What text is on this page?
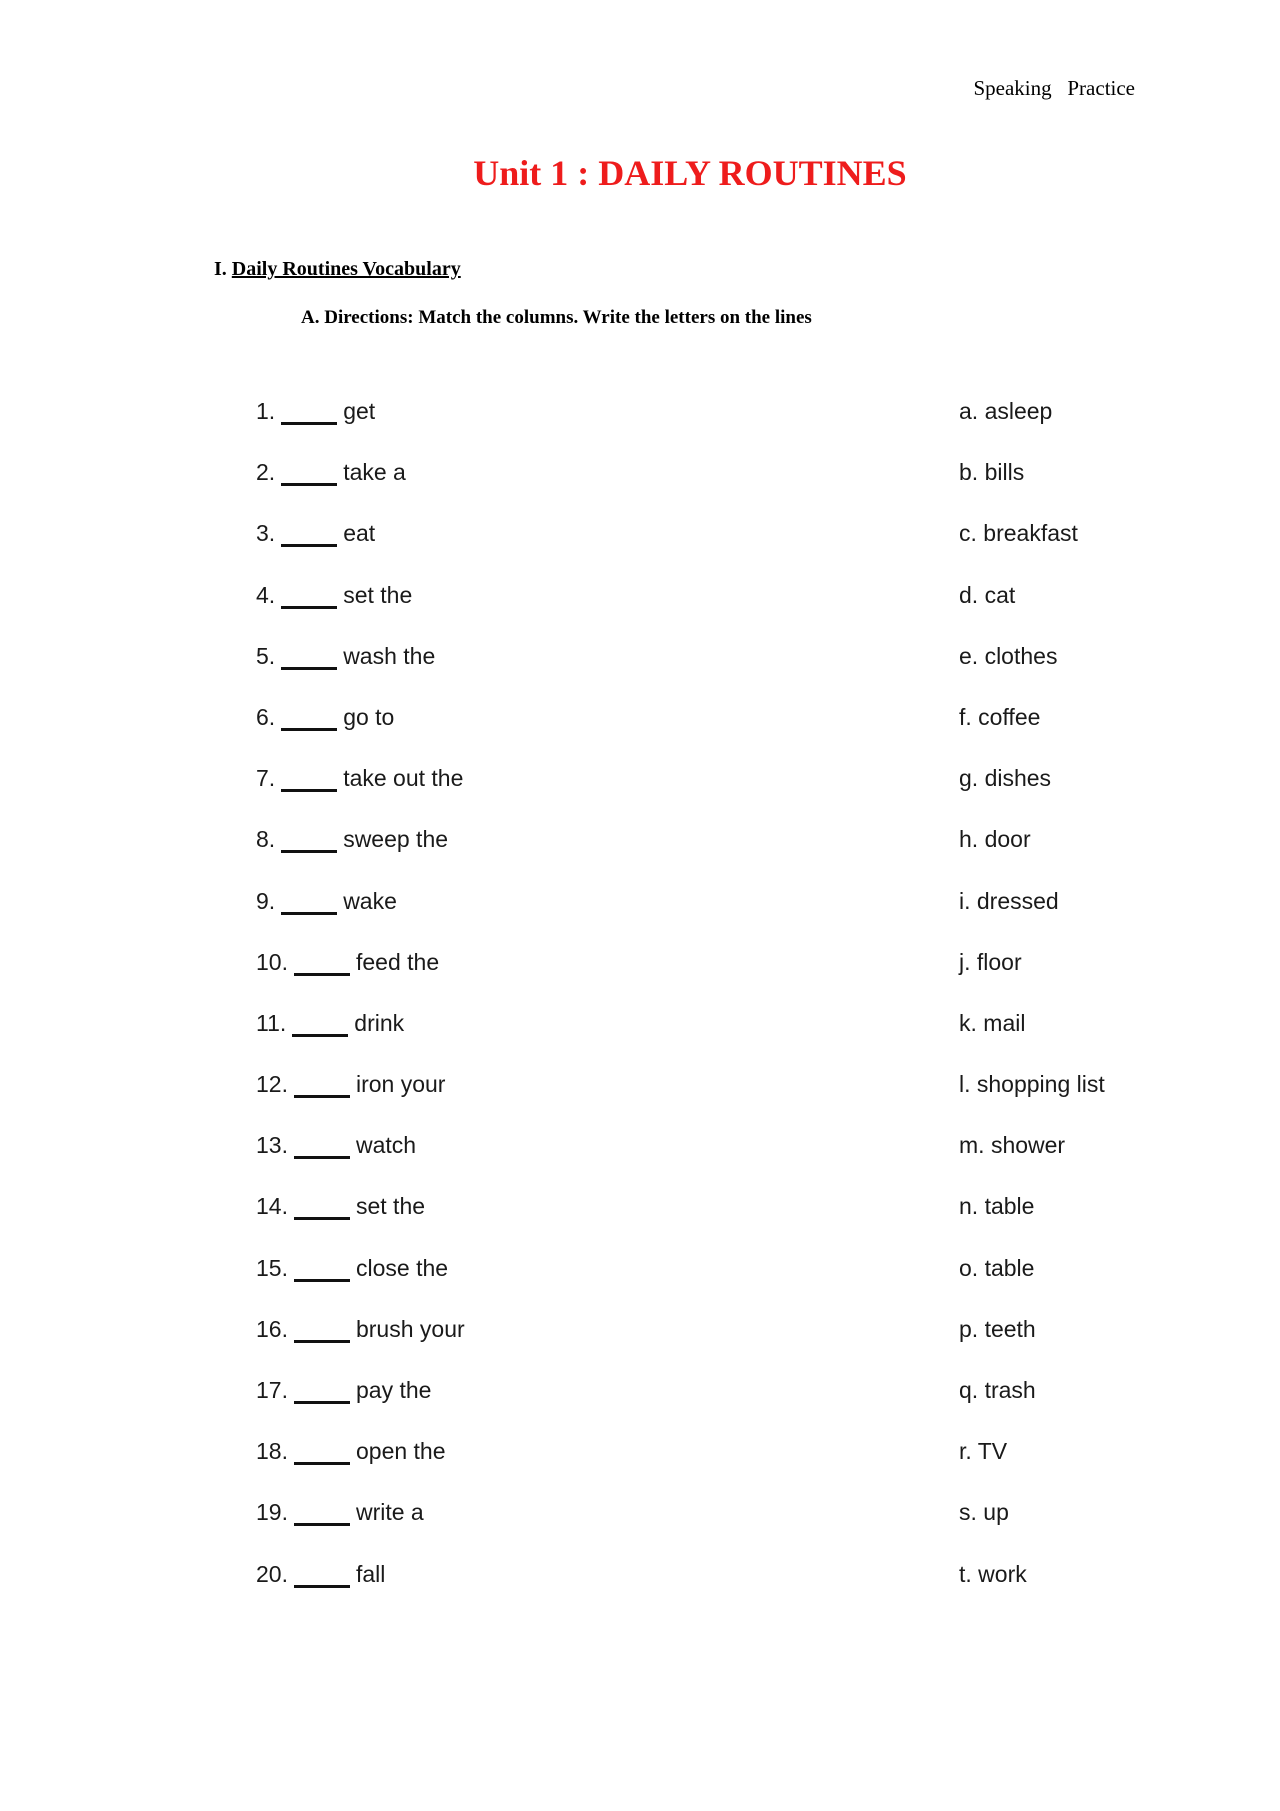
Speaking   Practice
Unit 1 : DAILY ROUTINES
I. Daily Routines Vocabulary
A. Directions: Match the columns. Write the letters on the lines
1.	get	a. asleep
2.	take a	b. bills
3.	eat	c. breakfast
4.	set the	d. cat
5.	wash the	e. clothes
6.	go to	f. coffee
7.	take out the	g. dishes
8.	sweep the	h. door
9.	wake	i. dressed
10.	feed the	j. floor
11.	drink	k. mail
12.	iron your	l. shopping list
13.	watch	m. shower
14.	set the	n. table
15.	close the	o. table
16.	brush your	p. teeth
17.	pay the	q. trash
18.	open the	r. TV
19.	write a	s. up
20.	fall	t. work
